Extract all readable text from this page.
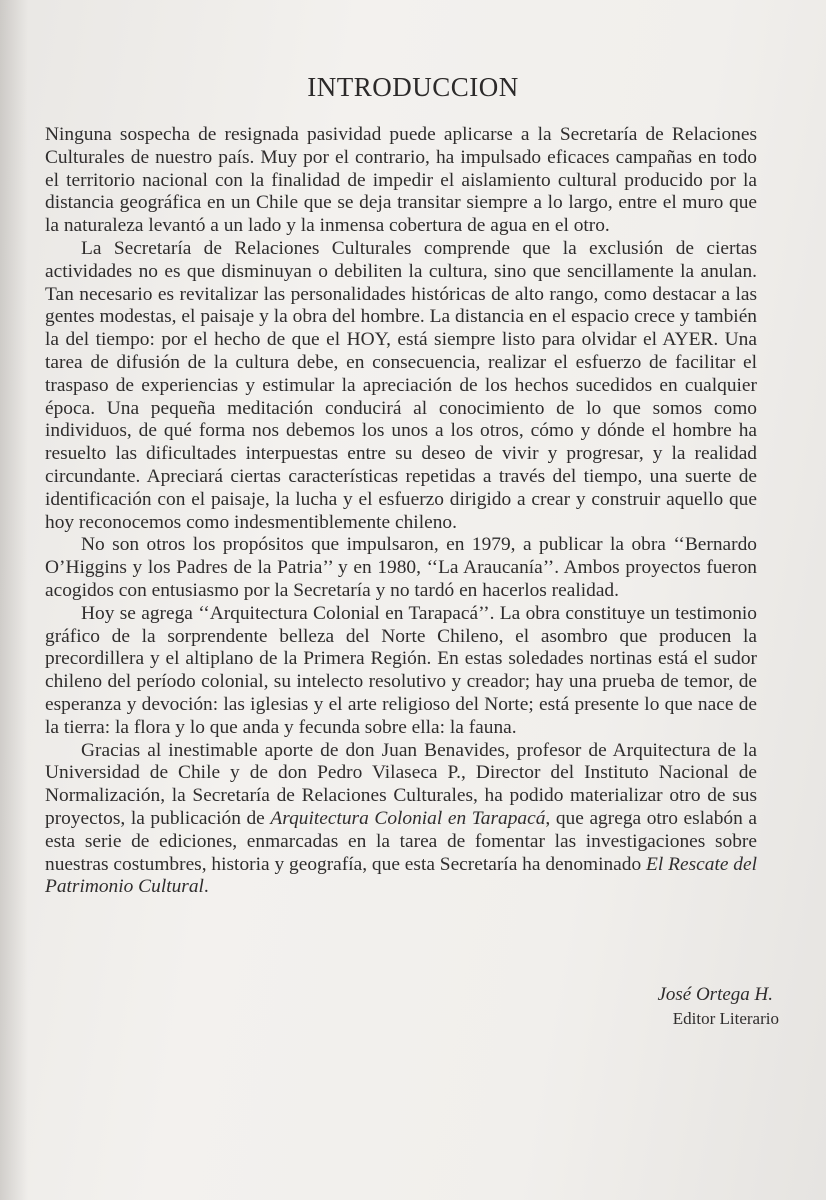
INTRODUCCION

Ninguna sospecha de resignada pasividad puede aplicarse a la Secretaría de Relaciones Culturales de nuestro país. Muy por el contrario, ha impulsado eficaces campañas en todo el territorio nacional con la finalidad de impedir el aislamiento cultural producido por la distancia geográfica en un Chile que se deja transitar siempre a lo largo, entre el muro que la naturaleza levantó a un lado y la inmensa cobertura de agua en el otro.

La Secretaría de Relaciones Culturales comprende que la exclusión de ciertas actividades no es que disminuyan o debiliten la cultura, sino que sencillamente la anulan. Tan necesario es revitalizar las personalidades históricas de alto rango, como destacar a las gentes modestas, el paisaje y la obra del hombre. La distancia en el espacio crece y también la del tiempo: por el hecho de que el HOY, está siempre listo para olvidar el AYER. Una tarea de difusión de la cultura debe, en consecuencia, realizar el esfuerzo de facilitar el traspaso de experiencias y estimular la apreciación de los hechos sucedidos en cualquier época. Una pequeña meditación conducirá al conocimiento de lo que somos como individuos, de qué forma nos debemos los unos a los otros, cómo y dónde el hombre ha resuelto las dificultades interpuestas entre su deseo de vivir y progresar, y la realidad circundante. Apreciará ciertas características repetidas a través del tiempo, una suerte de identificación con el paisaje, la lucha y el esfuerzo dirigido a crear y construir aquello que hoy reconocemos como indesmentiblemente chileno.

No son otros los propósitos que impulsaron, en 1979, a publicar la obra ‘‘Bernardo O’Higgins y los Padres de la Patria’’ y en 1980, ‘‘La Araucanía’’. Ambos proyectos fueron acogidos con entusiasmo por la Secretaría y no tardó en hacerlos realidad.

Hoy se agrega ‘‘Arquitectura Colonial en Tarapacá’’. La obra constituye un testimonio gráfico de la sorprendente belleza del Norte Chileno, el asombro que producen la precordillera y el altiplano de la Primera Región. En estas soledades nortinas está el sudor chileno del período colonial, su intelecto resolutivo y creador; hay una prueba de temor, de esperanza y devoción: las iglesias y el arte religioso del Norte; está presente lo que nace de la tierra: la flora y lo que anda y fecunda sobre ella: la fauna.

Gracias al inestimable aporte de don Juan Benavides, profesor de Arquitectura de la Universidad de Chile y de don Pedro Vilaseca P., Director del Instituto Nacional de Normalización, la Secretaría de Relaciones Culturales, ha podido materializar otro de sus proyectos, la publicación de Arquitectura Colonial en Tarapacá, que agrega otro eslabón a esta serie de ediciones, enmarcadas en la tarea de fomentar las investigaciones sobre nuestras costumbres, historia y geografía, que esta Secretaría ha denominado El Rescate del Patrimonio Cultural.

José Ortega H.
Editor Literario
